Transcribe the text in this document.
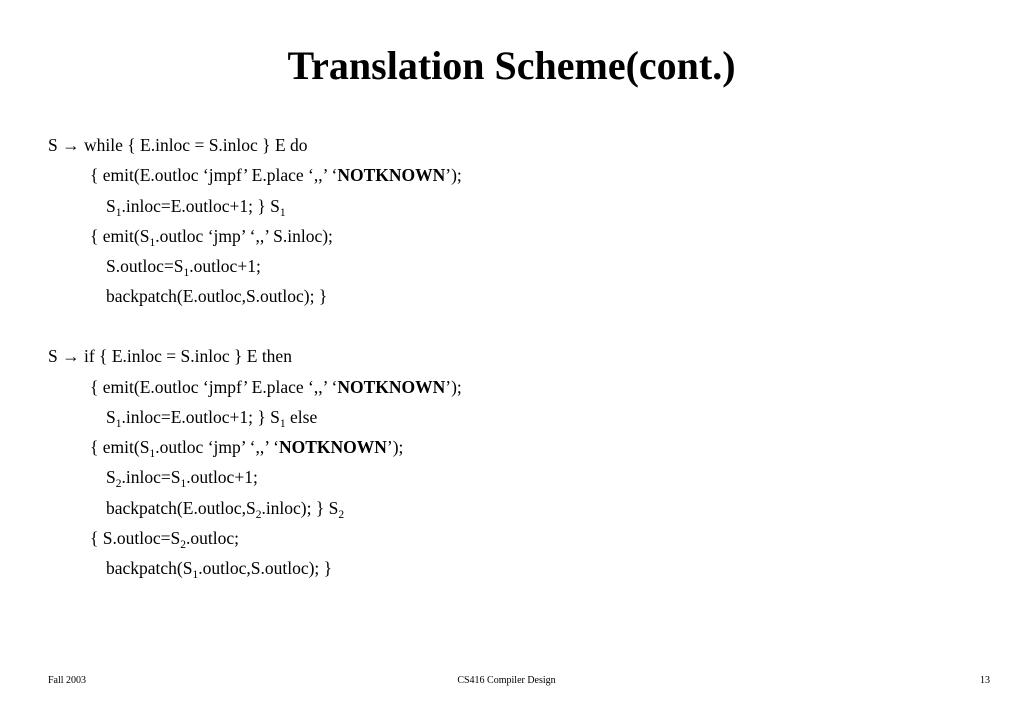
Translation Scheme(cont.)
S → while { E.inloc = S.inloc } E do
{ emit(E.outloc ‘jmpf’ E.place ‘,,’ ‘NOTKNOWN’);
$S_1.inloc=E.outloc+1$; } $S_1$
{ $emit(S_1.outloc$ ‘jmp’ ‘,,’ S.inloc);
$S.outloc=S_1.outloc+1$;
backpatch(E.outloc,S.outloc); }
S → if { E.inloc = S.inloc } E then
{ emit(E.outloc ‘jmpf’ E.place ‘,,’ ‘NOTKNOWN’);
$S_1.inloc=E.outloc+1$; } $S_1$ else
{ $emit(S_1.outloc$ ‘jmp’ ‘,,’ ‘NOTKNOWN’);
$S_2.inloc=S_1.outloc+1$;
$backpatch(E.outloc,S_2.inloc)$; } $S_2$
{ $S.outloc=S_2.outloc$;
$backpatch(S_1.outloc,S.outloc)$; }
Fall 2003	CS416 Compiler Design	13
